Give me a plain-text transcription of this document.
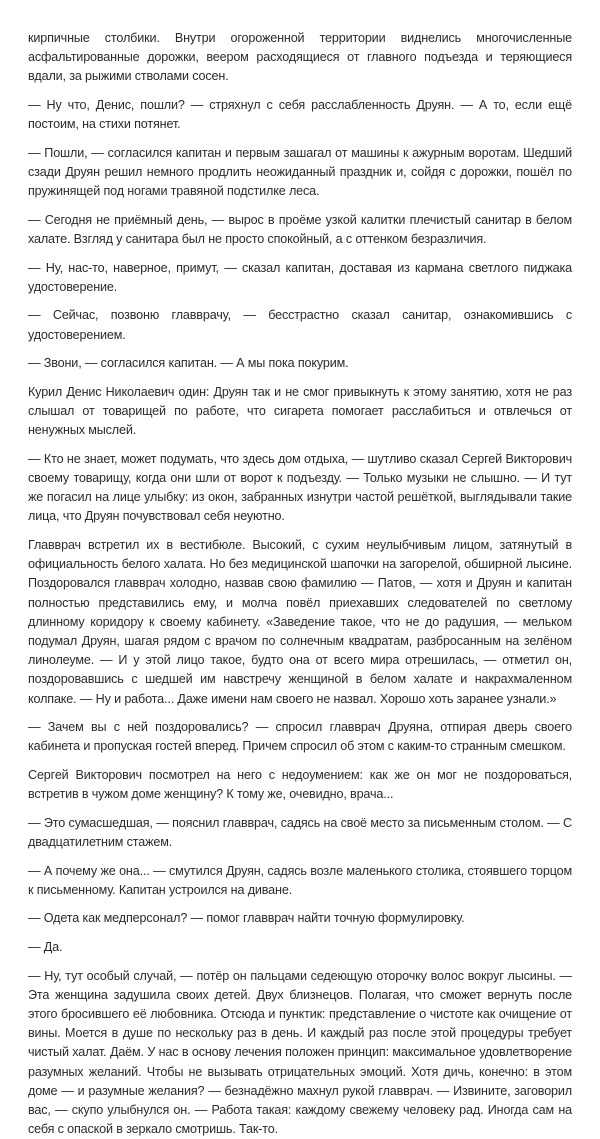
кирпичные столбики. Внутри огороженной территории виднелись многочисленные асфальтированные дорожки, веером расходящиеся от главного подъезда и теряющиеся вдали, за рыжими стволами сосен.

— Ну что, Денис, пошли? — стряхнул с себя расслабленность Друян. — А то, если ещё постоим, на стихи потянет.

— Пошли, — согласился капитан и первым зашагал от машины к ажурным воротам. Шедший сзади Друян решил немного продлить неожиданный праздник и, сойдя с дорожки, пошёл по пружинящей под ногами травяной подстилке леса.

— Сегодня не приёмный день, — вырос в проёме узкой калитки плечистый санитар в белом халате. Взгляд у санитара был не просто спокойный, а с оттенком безразличия.

— Ну, нас-то, наверное, примут, — сказал капитан, доставая из кармана светлого пиджака удостоверение.

— Сейчас, позвоню главврачу, — бесстрастно сказал санитар, ознакомившись с удостоверением.

— Звони, — согласился капитан. — А мы пока покурим.

Курил Денис Николаевич один: Друян так и не смог привыкнуть к этому занятию, хотя не раз слышал от товарищей по работе, что сигарета помогает расслабиться и отвлечься от ненужных мыслей.

— Кто не знает, может подумать, что здесь дом отдыха, — шутливо сказал Сергей Викторович своему товарищу, когда они шли от ворот к подъезду. — Только музыки не слышно. — И тут же погасил на лице улыбку: из окон, забранных изнутри частой решёткой, выглядывали такие лица, что Друян почувствовал себя неуютно.

Главврач встретил их в вестибюле. Высокий, с сухим неулыбчивым лицом, затянутый в официальность белого халата. Но без медицинской шапочки на загорелой, обширной лысине. Поздоровался главврач холодно, назвав свою фамилию — Патов, — хотя и Друян и капитан полностью представились ему, и молча повёл приехавших следователей по светлому длинному коридору к своему кабинету. «Заведение такое, что не до радушия, — мельком подумал Друян, шагая рядом с врачом по солнечным квадратам, разбросанным на зелёном линолеуме. — И у этой лицо такое, будто она от всего мира отрешилась, — отметил он, поздоровавшись с шедшей им навстречу женщиной в белом халате и накрахмаленном колпаке. — Ну и работа... Даже имени нам своего не назвал. Хорошо хоть заранее узнали.»

— Зачем вы с ней поздоровались? — спросил главврач Друяна, отпирая дверь своего кабинета и пропуская гостей вперед. Причем спросил об этом с каким-то странным смешком.

Сергей Викторович посмотрел на него с недоумением: как же он мог не поздороваться, встретив в чужом доме женщину? К тому же, очевидно, врача...

— Это сумасшедшая, — пояснил главврач, садясь на своё место за письменным столом. — С двадцатилетним стажем.

— А почему же она... — смутился Друян, садясь возле маленького столика, стоявшего торцом к письменному. Капитан устроился на диване.

— Одета как медперсонал? — помог главврач найти точную формулировку.

— Да.

— Ну, тут особый случай, — потёр он пальцами седеющую оторочку волос вокруг лысины. — Эта женщина задушила своих детей. Двух близнецов. Полагая, что сможет вернуть после этого бросившего её любовника. Отсюда и пунктик: представление о чистоте как очищение от вины. Моется в душе по нескольку раз в день. И каждый раз после этой процедуры требует чистый халат. Даём. У нас в основу лечения положен принцип: максимальное удовлетворение разумных желаний. Чтобы не вызывать отрицательных эмоций. Хотя дичь, конечно: в этом доме — и разумные желания? — безнадёжно махнул рукой главврач. — Извините, заговорил вас, — скупо улыбнулся он. — Работа такая: каждому свежему человеку рад. Иногда сам на себя с опаской в зеркало смотришь. Так-то.
